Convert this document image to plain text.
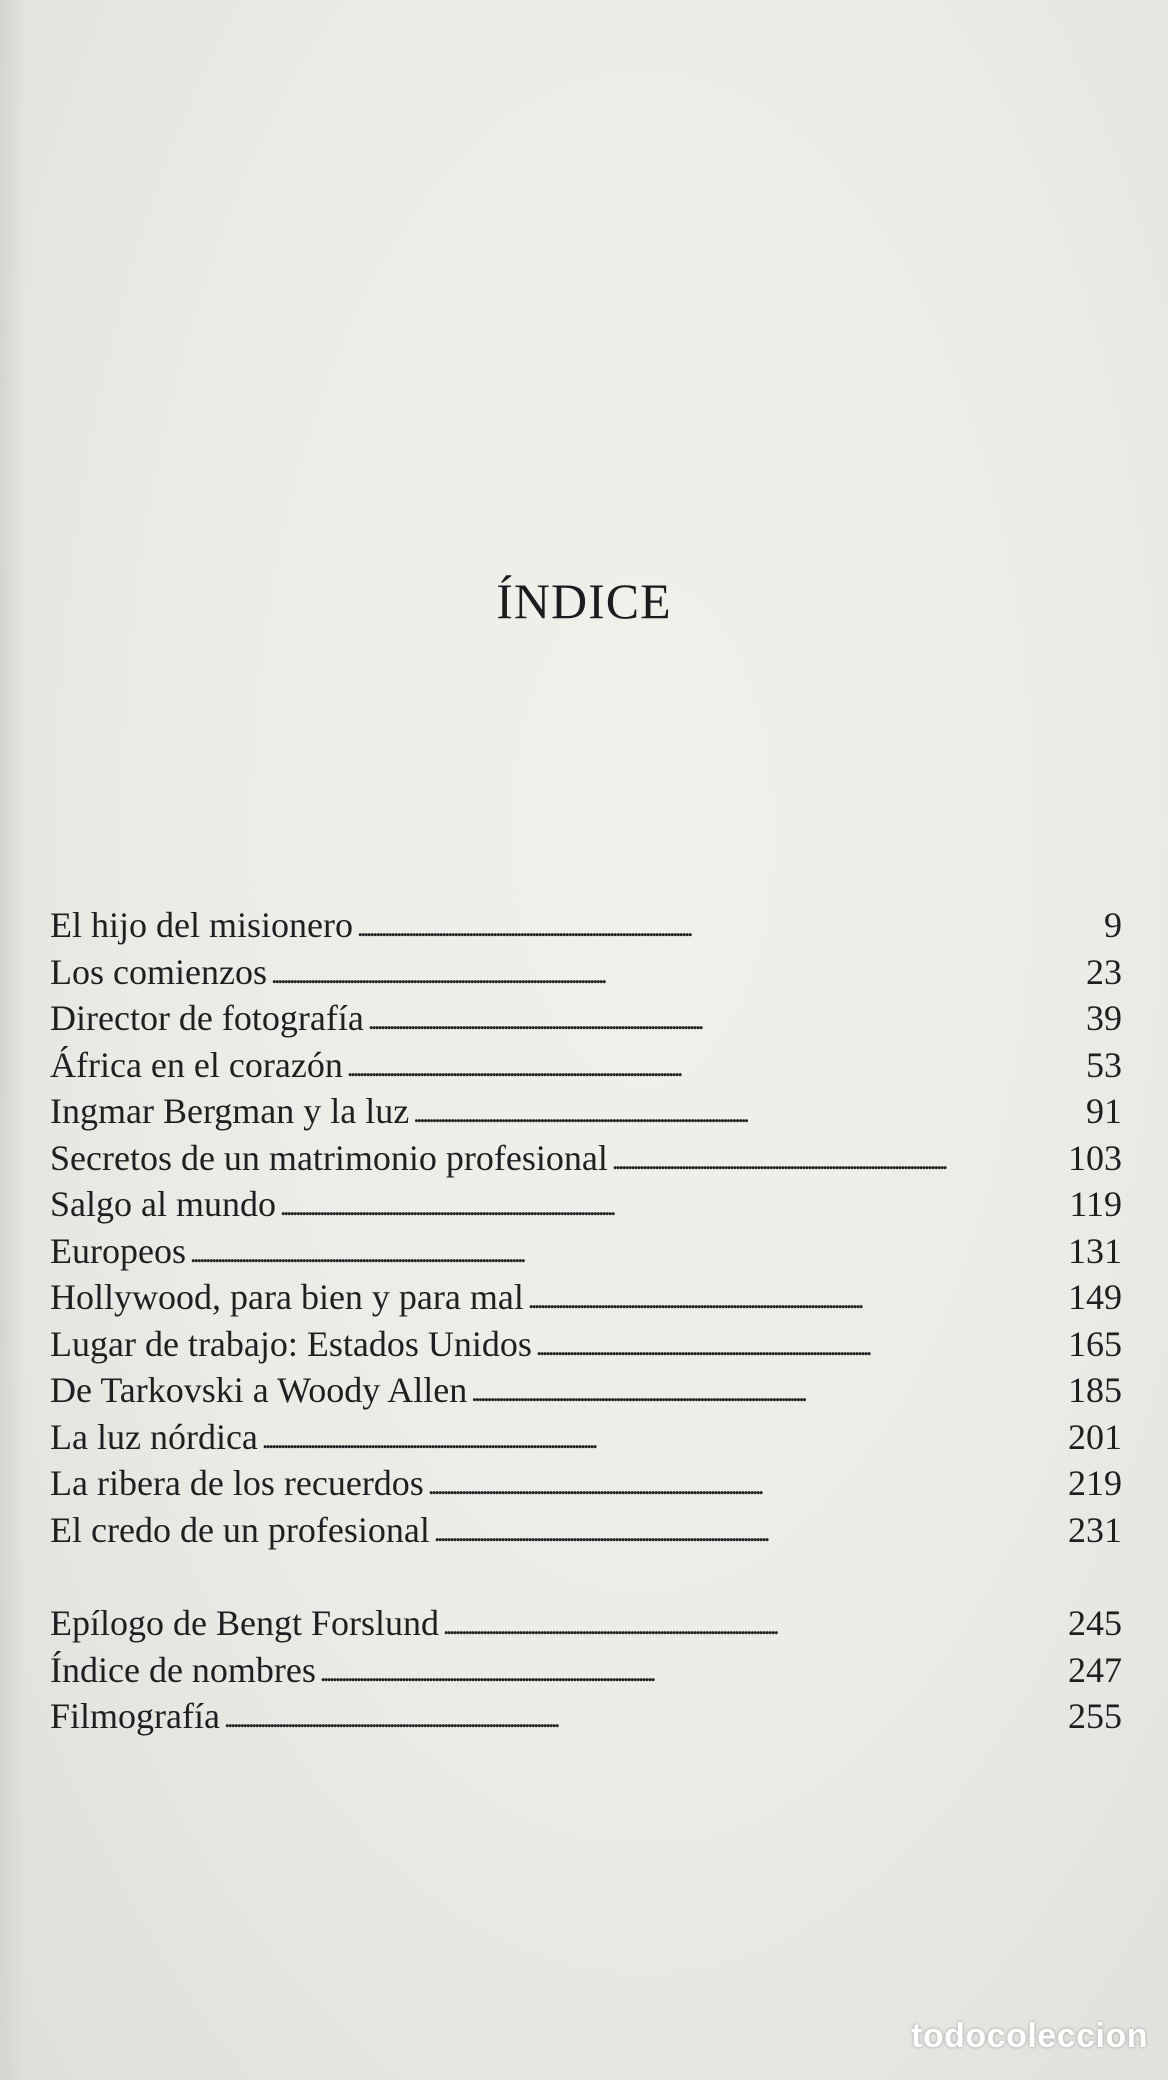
ÍNDICE
El hijo del misionero . . .	9
Los comienzos . . .	23
Director de fotografía . . .	39
África en el corazón . . .	53
Ingmar Bergman y la luz . . .	91
Secretos de un matrimonio profesional . . .	103
Salgo al mundo . . .	119
Europeos . . .	131
Hollywood, para bien y para mal . . .	149
Lugar de trabajo: Estados Unidos . . .	165
De Tarkovski a Woody Allen . . .	185
La luz nórdica . . .	201
La ribera de los recuerdos . . .	219
El credo de un profesional . . .	231
Epílogo de Bengt Forslund . . .	245
Índice de nombres . . .	247
Filmografía . . .	255
todocoleccion
